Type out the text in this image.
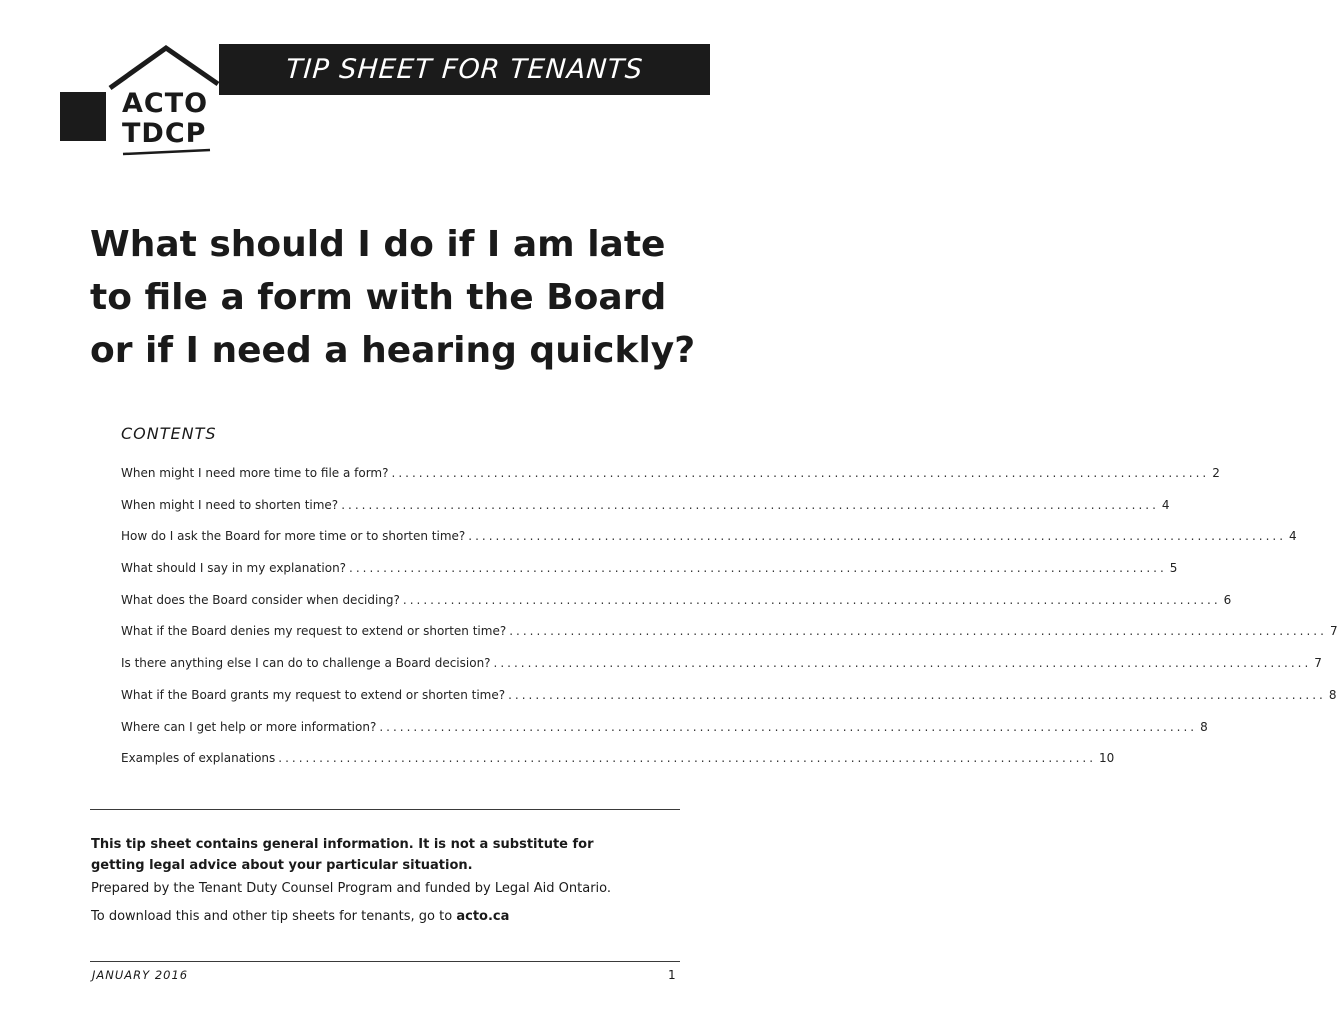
ACTO
TDCP
TIP SHEET FOR TENANTS
What should I do if I am late
to file a form with the Board
or if I need a hearing quickly?
CONTENTS
When might I need more time to file a form? ........................................................................................................................ 2
When might I need to shorten time? ........................................................................................................................ 4
How do I ask the Board for more time or to shorten time? ........................................................................................................................ 4
What should I say in my explanation? ........................................................................................................................ 5
What does the Board consider when deciding? ........................................................................................................................ 6
What if the Board denies my request to extend or shorten time? ........................................................................................................................ 7
Is there anything else I can do to challenge a Board decision? ........................................................................................................................ 7
What if the Board grants my request to extend or shorten time? ........................................................................................................................ 8
Where can I get help or more information? ........................................................................................................................ 8
Examples of explanations ........................................................................................................................ 10
This tip sheet contains general information. It is not a substitute for
getting legal advice about your particular situation.
Prepared by the Tenant Duty Counsel Program and funded by Legal Aid Ontario.
To download this and other tip sheets for tenants, go to acto.ca
JANUARY 2016	1
